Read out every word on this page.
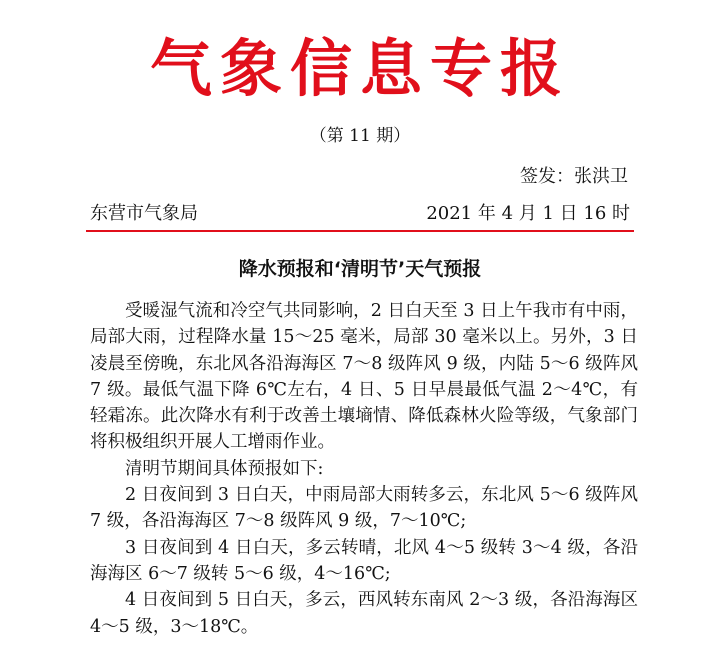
气象信息专报
（第 11 期）
签发：张洪卫
东营市气象局	2021 年 4 月 1 日 16 时
降水预报和‘清明节’天气预报

受暖湿气流和冷空气共同影响，2 日白天至 3 日上午我市有中雨，局部大雨，过程降水量 15～25 毫米，局部 30 毫米以上。另外，3 日凌晨至傍晚，东北风各沿海海区 7～8 级阵风 9 级，内陆 5～6 级阵风 7 级。最低气温下降 6℃左右，4 日、5 日早晨最低气温 2～4℃，有轻霜冻。此次降水有利于改善土壤墒情、降低森林火险等级，气象部门将积极组织开展人工增雨作业。

清明节期间具体预报如下:

2 日夜间到 3 日白天，中雨局部大雨转多云，东北风 5～6 级阵风 7 级，各沿海海区 7～8 级阵风 9 级，7～10℃;

3 日夜间到 4 日白天，多云转晴，北风 4～5 级转 3～4 级，各沿海海区 6～7 级转 5～6 级，4～16℃;

4 日夜间到 5 日白天，多云，西风转东南风 2～3 级，各沿海海区 4～5 级，3～18℃。
